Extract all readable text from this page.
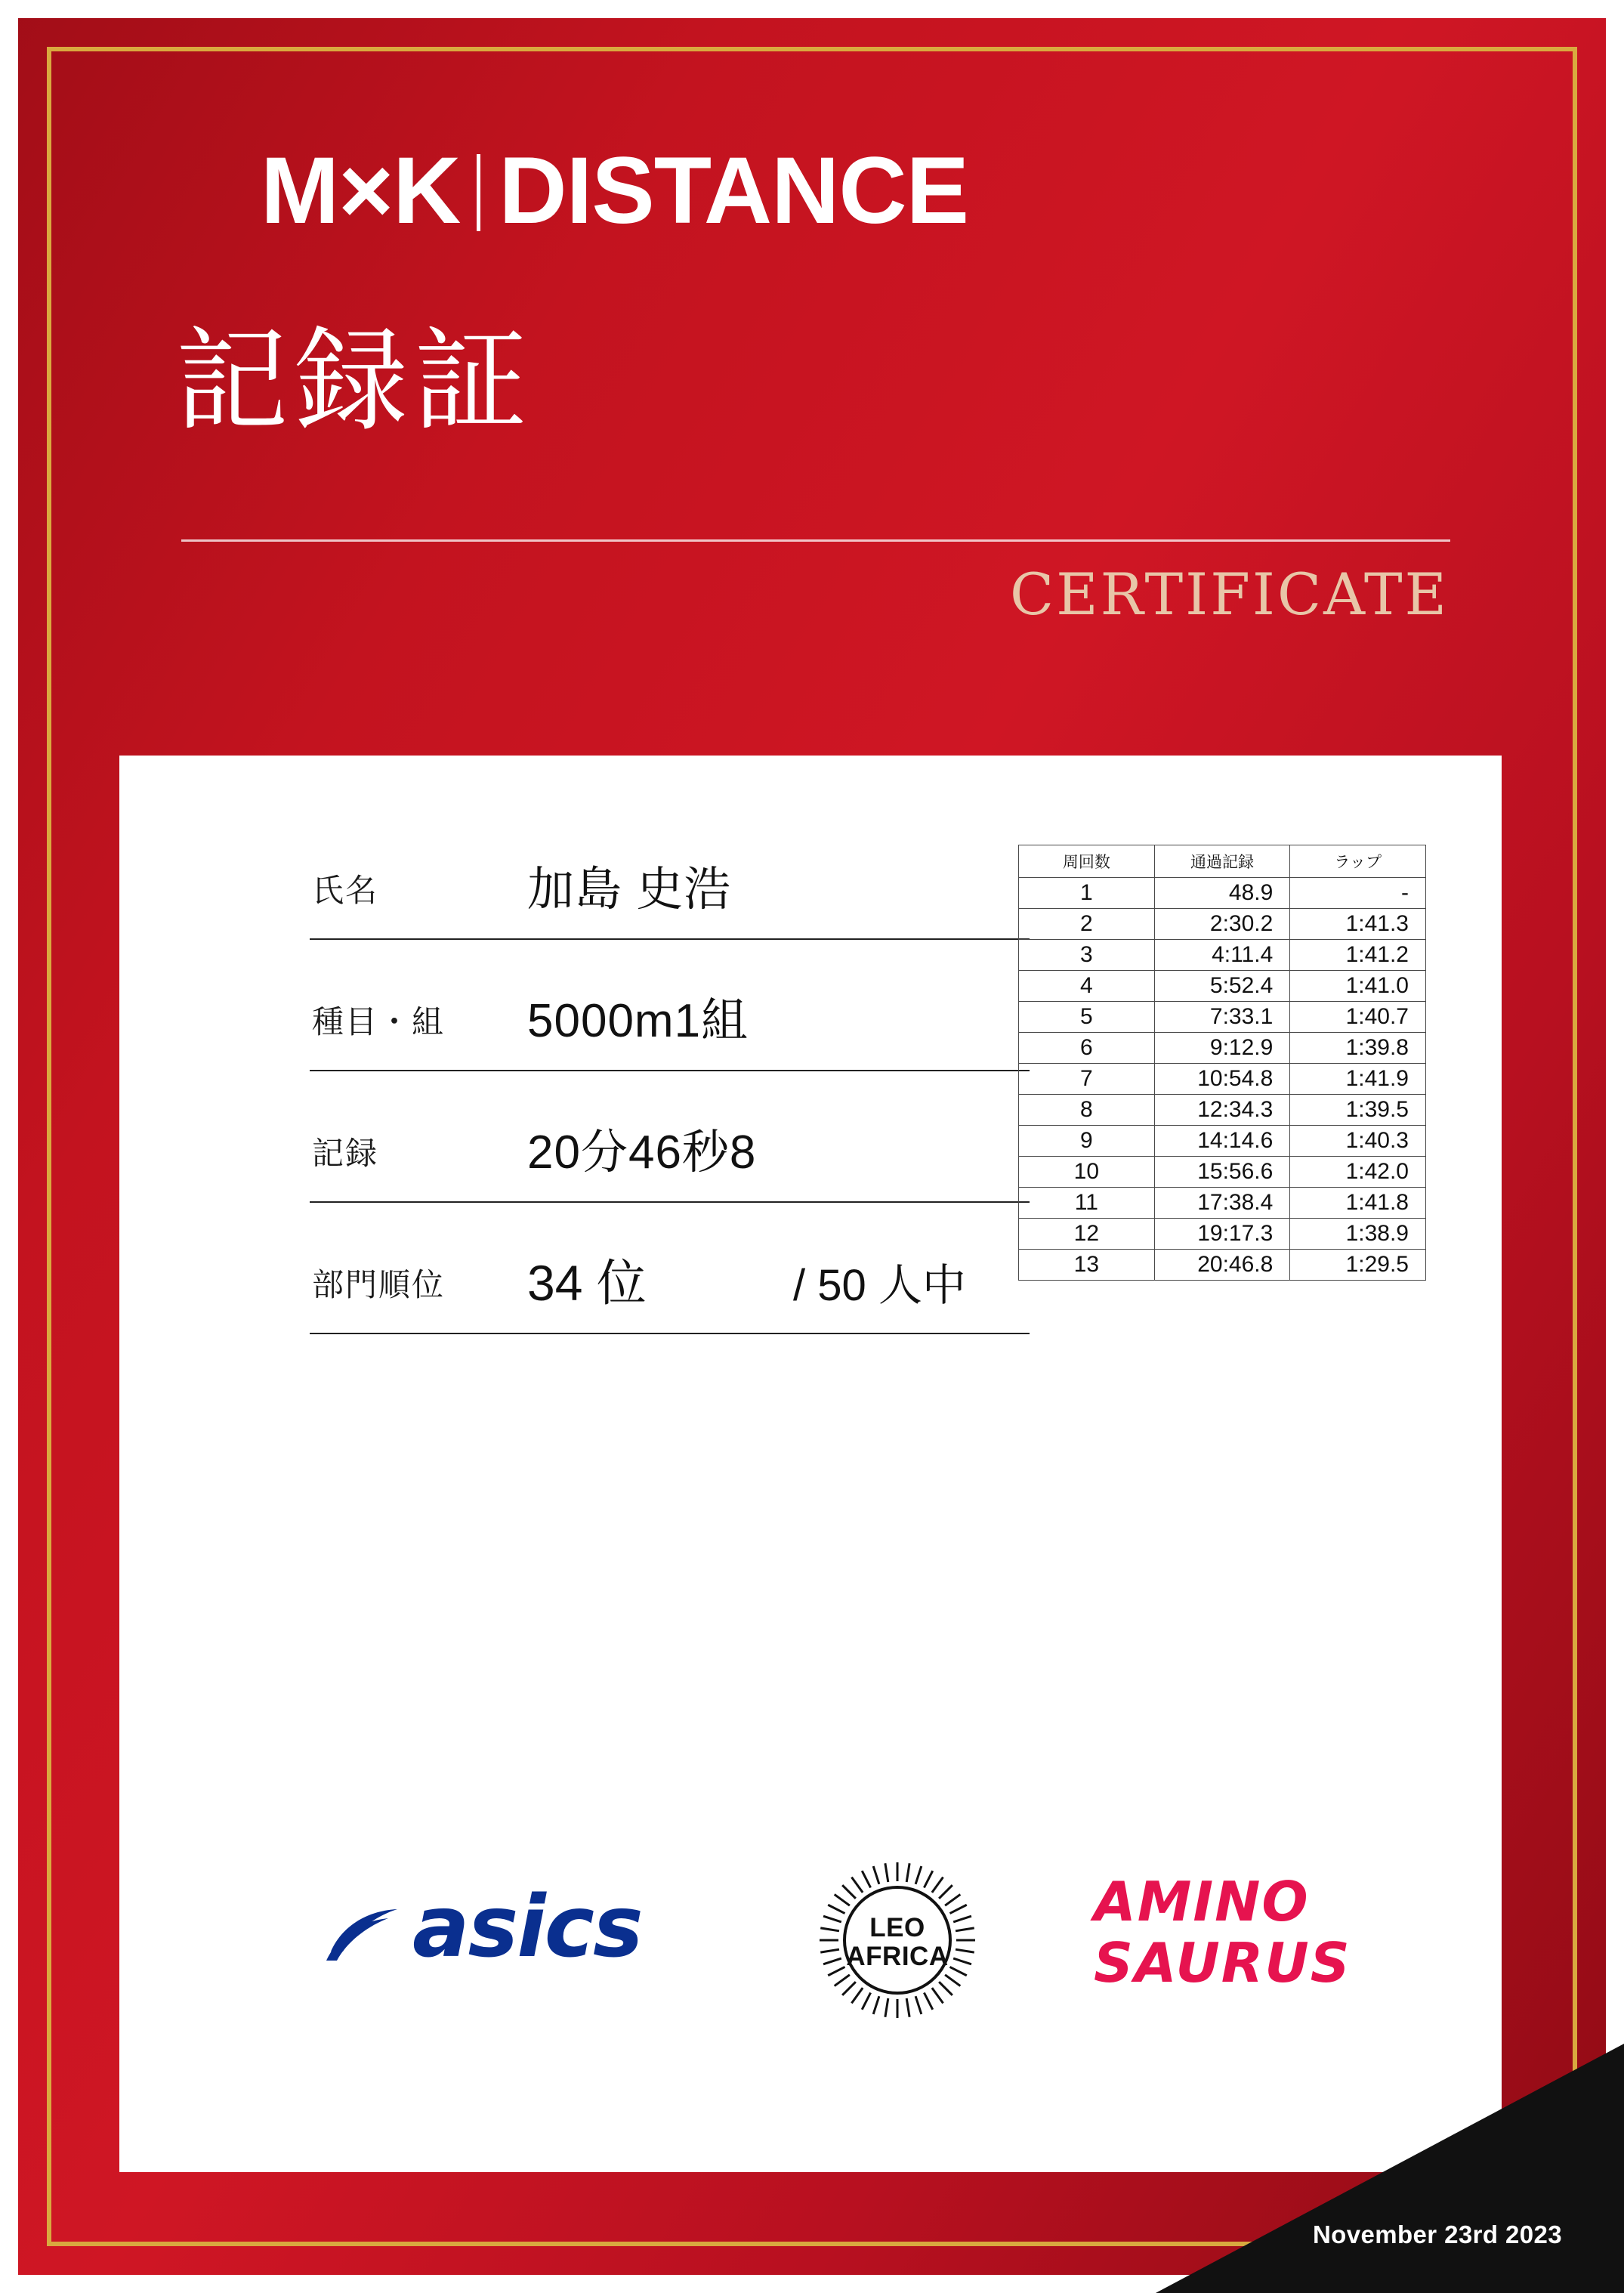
M×K DISTANCE
記録証
CERTIFICATE
氏名	加島 史浩
種目・組 5000m1組
記録	20分46秒8
部門順位 34 位	/ 50 人中
周回数	通過記録	ラップ
1	48.9	-
2	2:30.2	1:41.3
3	4:11.4	1:41.2
4	5:52.4	1:41.0
5	7:33.1	1:40.7
6	9:12.9	1:39.8
7	10:54.8	1:41.9
8	12:34.3	1:39.5
9	14:14.6	1:40.3
10	15:56.6	1:42.0
11	17:38.4	1:41.8
12	19:17.3	1:38.9
13	20:46.8	1:29.5
asics	LEO
AFRICA
AMINO
SAURUS
November 23rd 2023
